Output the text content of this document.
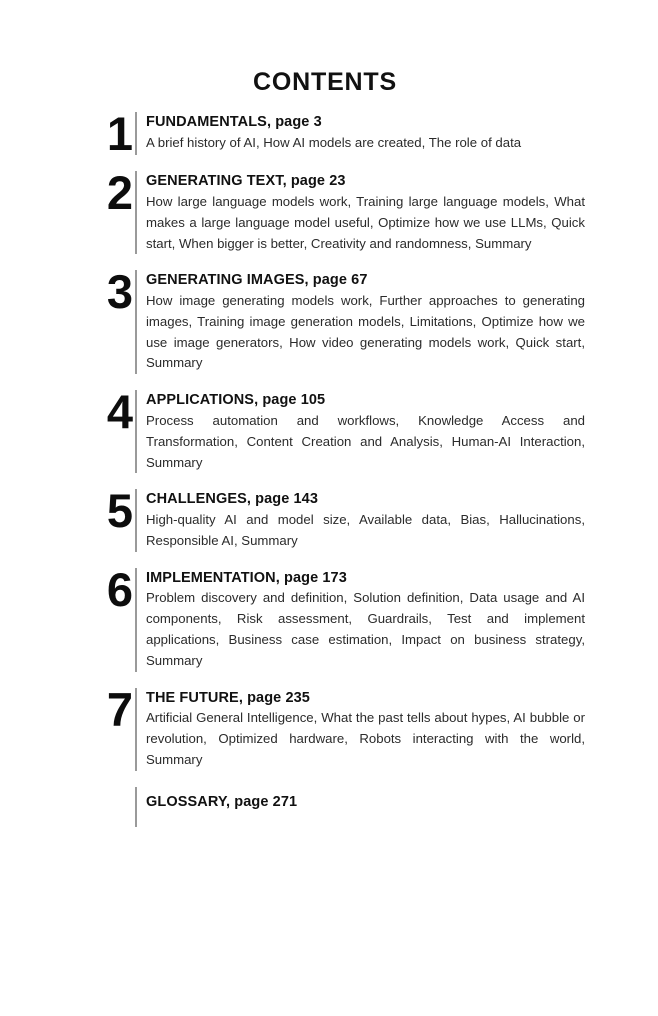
CONTENTS
1 FUNDAMENTALS, page 3
A brief history of AI, How AI models are created, The role of data
2 GENERATING TEXT, page 23
How large language models work, Training large language models, What makes a large language model useful, Optimize how we use LLMs, Quick start, When bigger is better, Creativity and randomness, Summary
3 GENERATING IMAGES, page 67
How image generating models work, Further approaches to generating images, Training image generation models, Limitations, Optimize how we use image generators, How video generating models work, Quick start, Summary
4 APPLICATIONS, page 105
Process automation and workflows, Knowledge Access and Transformation, Content Creation and Analysis, Human-AI Interaction, Summary
5 CHALLENGES, page 143
High-quality AI and model size, Available data, Bias, Hallucinations, Responsible AI, Summary
6 IMPLEMENTATION, page 173
Problem discovery and definition, Solution definition, Data usage and AI components, Risk assessment, Guardrails, Test and implement applications, Business case estimation, Impact on business strategy, Summary
7 THE FUTURE, page 235
Artificial General Intelligence, What the past tells about hypes, AI bubble or revolution, Optimized hardware, Robots interacting with the world, Summary
GLOSSARY, page 271
